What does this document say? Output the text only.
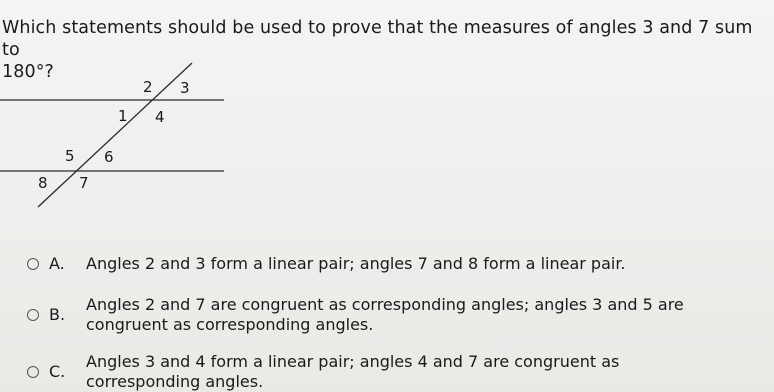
Which statements should be used to prove that the measures of angles 3 and 7 sum to
180°?
2 3
1 4
5 6
8 7
A. Angles 2 and 3 form a linear pair; angles 7 and 8 form a linear pair.

B.

Angles 2 and 7 are congruent as corresponding angles; angles 3 and 5 are
congruent as corresponding angles.

C.

Angles 3 and 4 form a linear pair; angles 4 and 7 are congruent as
corresponding angles.
